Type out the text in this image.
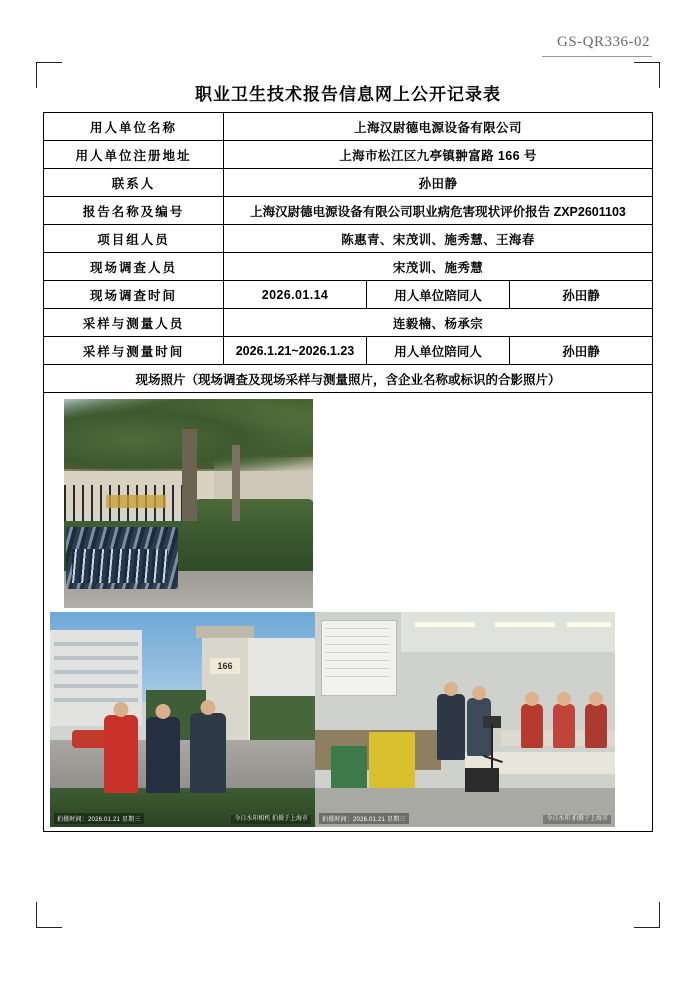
GS-QR336-02
职业卫生技术报告信息网上公开记录表
用人单位名称	上海汉尉德电源设备有限公司		
用人单位注册地址	上海市松江区九亭镇翀富路 166 号		
联系人	孙田静		
报告名称及编号	上海汉尉德电源设备有限公司职业病危害现状评价报告 ZXP2601103		
项目组人员	陈惠青、宋茂训、施秀慧、王海春		
现场调查人员	宋茂训、施秀慧		
现场调查时间	2026.01.14	用人单位陪同人	孙田静
采样与测量人员	连毅楠、杨承宗		
采样与测量时间	2026.1.21~2026.1.23	用人单位陪同人	孙田静
现场照片（现场调查及现场采样与测量照片，含企业名称或标识的合影照片）			

166
拍摄时间：2026.01.21 星期三 今日水印相机 拍摄于上海市 拍摄时间：2026.01.21 星期三 今日水印 拍摄于上海市			
